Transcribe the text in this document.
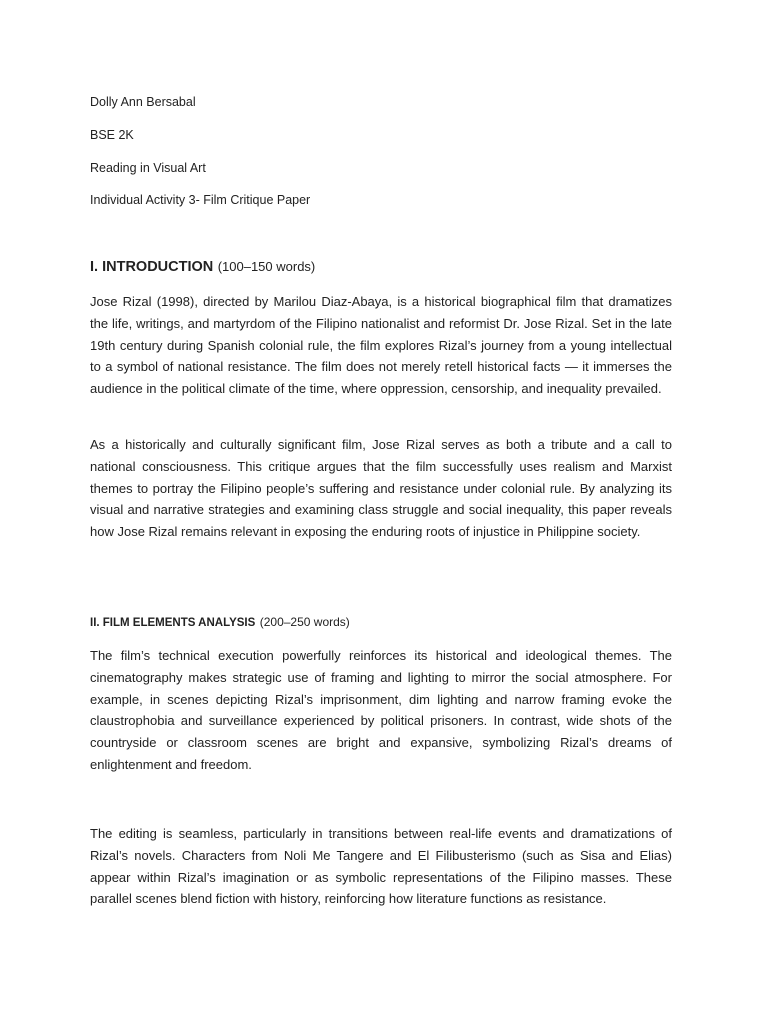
Dolly Ann Bersabal
BSE 2K
Reading in Visual Art
Individual Activity 3- Film Critique Paper
I. INTRODUCTION (100–150 words)

Jose Rizal (1998), directed by Marilou Diaz-Abaya, is a historical biographical film that dramatizes the life, writings, and martyrdom of the Filipino nationalist and reformist Dr. Jose Rizal. Set in the late 19th century during Spanish colonial rule, the film explores Rizal’s journey from a young intellectual to a symbol of national resistance. The film does not merely retell historical facts — it immerses the audience in the political climate of the time, where oppression, censorship, and inequality prevailed.

As a historically and culturally significant film, Jose Rizal serves as both a tribute and a call to national consciousness. This critique argues that the film successfully uses realism and Marxist themes to portray the Filipino people’s suffering and resistance under colonial rule. By analyzing its visual and narrative strategies and examining class struggle and social inequality, this paper reveals how Jose Rizal remains relevant in exposing the enduring roots of injustice in Philippine society.

II. FILM ELEMENTS ANALYSIS (200–250 words)

The film’s technical execution powerfully reinforces its historical and ideological themes. The cinematography makes strategic use of framing and lighting to mirror the social atmosphere. For example, in scenes depicting Rizal’s imprisonment, dim lighting and narrow framing evoke the claustrophobia and surveillance experienced by political prisoners. In contrast, wide shots of the countryside or classroom scenes are bright and expansive, symbolizing Rizal’s dreams of enlightenment and freedom.

The editing is seamless, particularly in transitions between real-life events and dramatizations of Rizal’s novels. Characters from Noli Me Tangere and El Filibusterismo (such as Sisa and Elias) appear within Rizal’s imagination or as symbolic representations of the Filipino masses. These parallel scenes blend fiction with history, reinforcing how literature functions as resistance.
